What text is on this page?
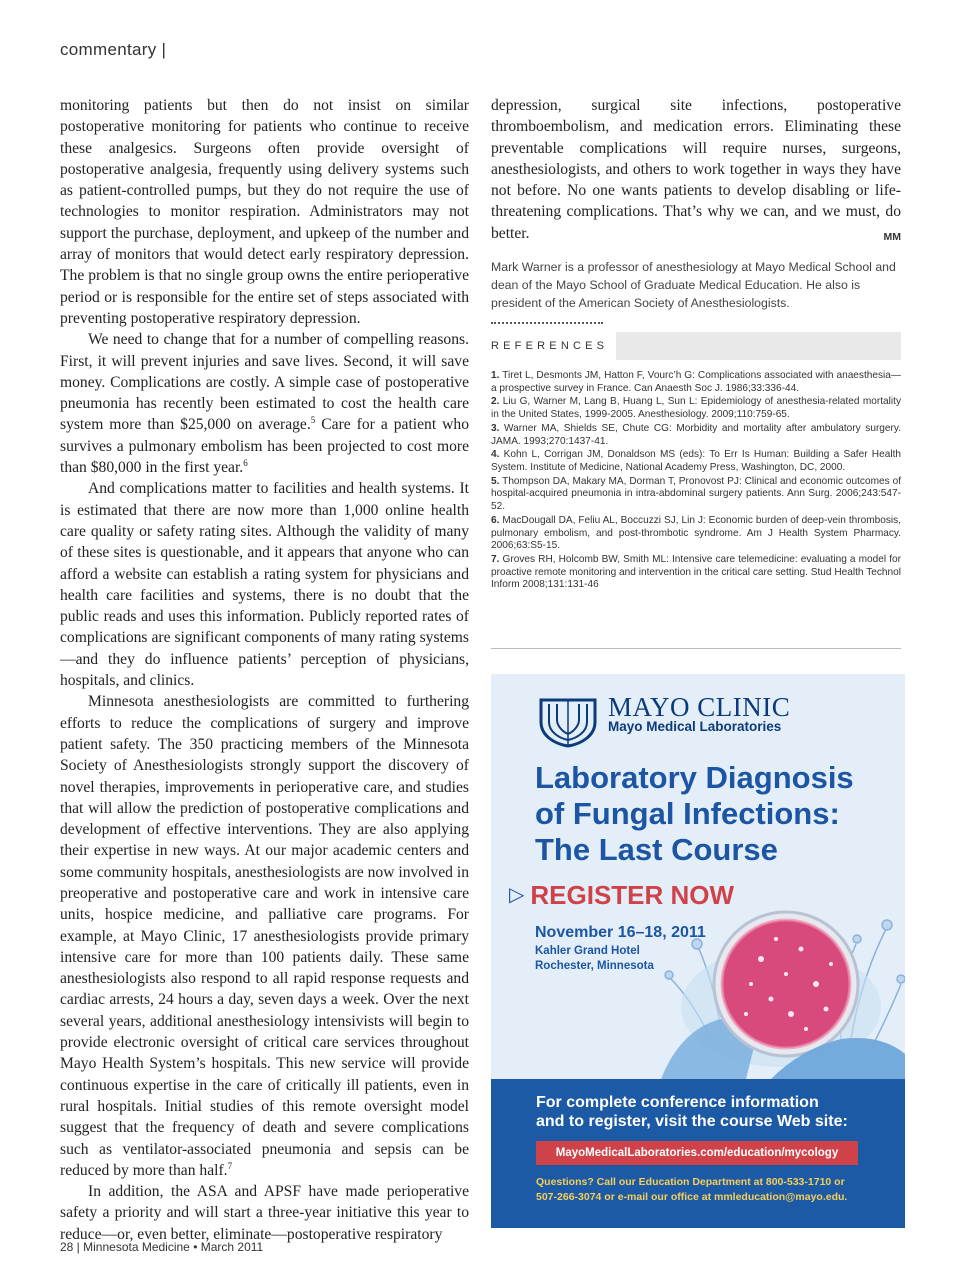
commentary |

monitoring patients but then do not insist on similar postoperative monitoring for patients who continue to receive these analgesics. Surgeons often provide oversight of postoperative analgesia, frequently using delivery systems such as patient-controlled pumps, but they do not require the use of technologies to monitor respiration. Administrators may not support the purchase, deployment, and upkeep of the number and array of monitors that would detect early respiratory depression. The problem is that no single group owns the entire perioperative period or is responsible for the entire set of steps associated with preventing postoperative respiratory depression.

We need to change that for a number of compelling reasons. First, it will prevent injuries and save lives. Second, it will save money. Complications are costly. A simple case of postoperative pneumonia has recently been estimated to cost the health care system more than $25,000 on average.$^5$ Care for a patient who survives a pulmonary embolism has been projected to cost more than $80,000 in the first year.$^6$

And complications matter to facilities and health systems. It is estimated that there are now more than 1,000 online health care quality or safety rating sites. Although the validity of many of these sites is questionable, and it appears that anyone who can afford a website can establish a rating system for physicians and health care facilities and systems, there is no doubt that the public reads and uses this information. Publicly reported rates of complications are significant components of many rating systems—and they do influence patients’ perception of physicians, hospitals, and clinics.

Minnesota anesthesiologists are committed to furthering efforts to reduce the complications of surgery and improve patient safety. The 350 practicing members of the Minnesota Society of Anesthesiologists strongly support the discovery of novel therapies, improvements in perioperative care, and studies that will allow the prediction of postoperative complications and development of effective interventions. They are also applying their expertise in new ways. At our major academic centers and some community hospitals, anesthesiologists are now involved in preoperative and postoperative care and work in intensive care units, hospice medicine, and palliative care programs. For example, at Mayo Clinic, 17 anesthesiologists provide primary intensive care for more than 100 patients daily. These same anesthesiologists also respond to all rapid response requests and cardiac arrests, 24 hours a day, seven days a week. Over the next several years, additional anesthesiology intensivists will begin to provide electronic oversight of critical care services throughout Mayo Health System’s hospitals. This new service will provide continuous expertise in the care of critically ill patients, even in rural hospitals. Initial studies of this remote oversight model suggest that the frequency of death and severe complications such as ventilator-associated pneumonia and sepsis can be reduced by more than half.$^7$

In addition, the ASA and APSF have made perioperative safety a priority and will start a three-year initiative this year to reduce—or, even better, eliminate—postoperative respiratory

depression, surgical site infections, postoperative thromboembolism, and medication errors. Eliminating these preventable complications will require nurses, surgeons, anesthesiologists, and others to work together in ways they have not before. No one wants patients to develop disabling or life-threatening complications. That’s why we can, and we must, do better.	MM

Mark Warner is a professor of anesthesiology at Mayo Medical School and dean of the Mayo School of Graduate Medical Education. He also is president of the American Society of Anesthesiologists.

REFERENCES
1. Tiret L, Desmonts JM, Hatton F, Vourc’h G: Complications associated with anaesthesia—a prospective survey in France. Can Anaesth Soc J. 1986;33:336-44.
2. Liu G, Warner M, Lang B, Huang L, Sun L: Epidemiology of anesthesia-related mortality in the United States, 1999-2005. Anesthesiology. 2009;110:759-65.
3. Warner MA, Shields SE, Chute CG: Morbidity and mortality after ambulatory surgery. JAMA. 1993;270:1437-41.
4. Kohn L, Corrigan JM, Donaldson MS (eds): To Err Is Human: Building a Safer Health System. Institute of Medicine, National Academy Press, Washington, DC, 2000.
5. Thompson DA, Makary MA, Dorman T, Pronovost PJ: Clinical and economic outcomes of hospital-acquired pneumonia in intra-abdominal surgery patients. Ann Surg. 2006;243:547-52.
6. MacDougall DA, Feliu AL, Boccuzzi SJ, Lin J: Economic burden of deep-vein thrombosis, pulmonary embolism, and post-thrombotic syndrome. Am J Health System Pharmacy. 2006;63:S5-15.
7. Groves RH, Holcomb BW, Smith ML: Intensive care telemedicine: evaluating a model for proactive remote monitoring and intervention in the critical care setting. Stud Health Technol Inform 2008;131:131-46
MAYO CLINIC
Mayo Medical Laboratories

Laboratory Diagnosis
of Fungal Infections:
The Last Course

▷ REGISTER NOW
November 16–18, 2011
Kahler Grand Hotel
Rochester, Minnesota

For complete conference information
and to register, visit the course Web site:

MayoMedicalLaboratories.com/education/mycology

Questions? Call our Education Department at 800-533-1710 or
507-266-3074 or e-mail our office at mmleducation@mayo.edu.

28 | Minnesota Medicine • March 2011
